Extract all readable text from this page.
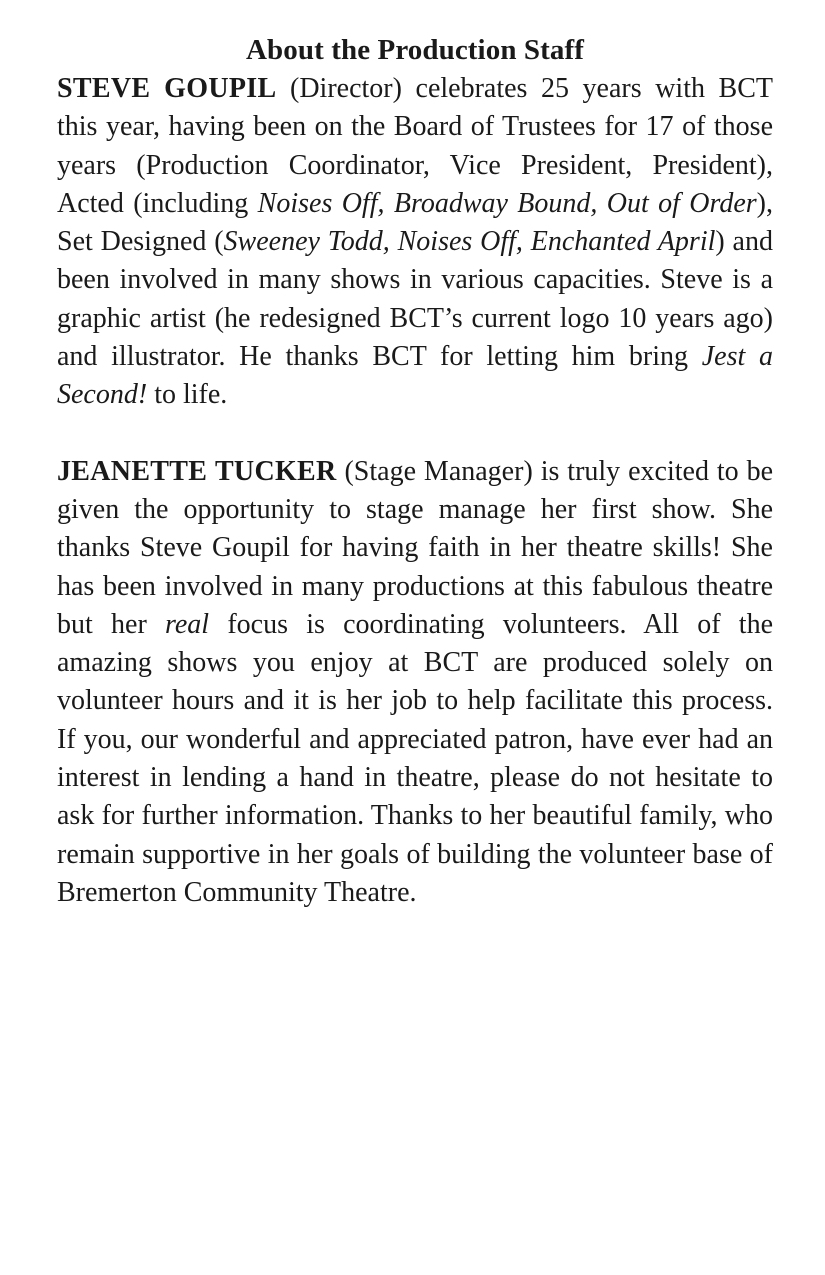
About the Production Staff

STEVE GOUPIL (Director) celebrates 25 years with BCT this year, having been on the Board of Trustees for 17 of those years (Production Coordinator, Vice President, President), Acted (including Noises Off, Broadway Bound, Out of Order), Set Designed (Sweeney Todd, Noises Off, Enchanted April) and been involved in many shows in various capacities. Steve is a graphic artist (he redesigned BCT’s current logo 10 years ago) and illustrator. He thanks BCT for letting him bring Jest a Second! to life.

JEANETTE TUCKER (Stage Manager) is truly excited to be given the opportunity to stage manage her first show. She thanks Steve Goupil for having faith in her theatre skills! She has been involved in many productions at this fabulous theatre but her real focus is coordinating volunteers. All of the amazing shows you enjoy at BCT are produced solely on volunteer hours and it is her job to help facilitate this process. If you, our wonderful and appreciated patron, have ever had an interest in lending a hand in theatre, please do not hesitate to ask for further information. Thanks to her beautiful family, who remain supportive in her goals of building the volunteer base of Bremerton Community Theatre.
